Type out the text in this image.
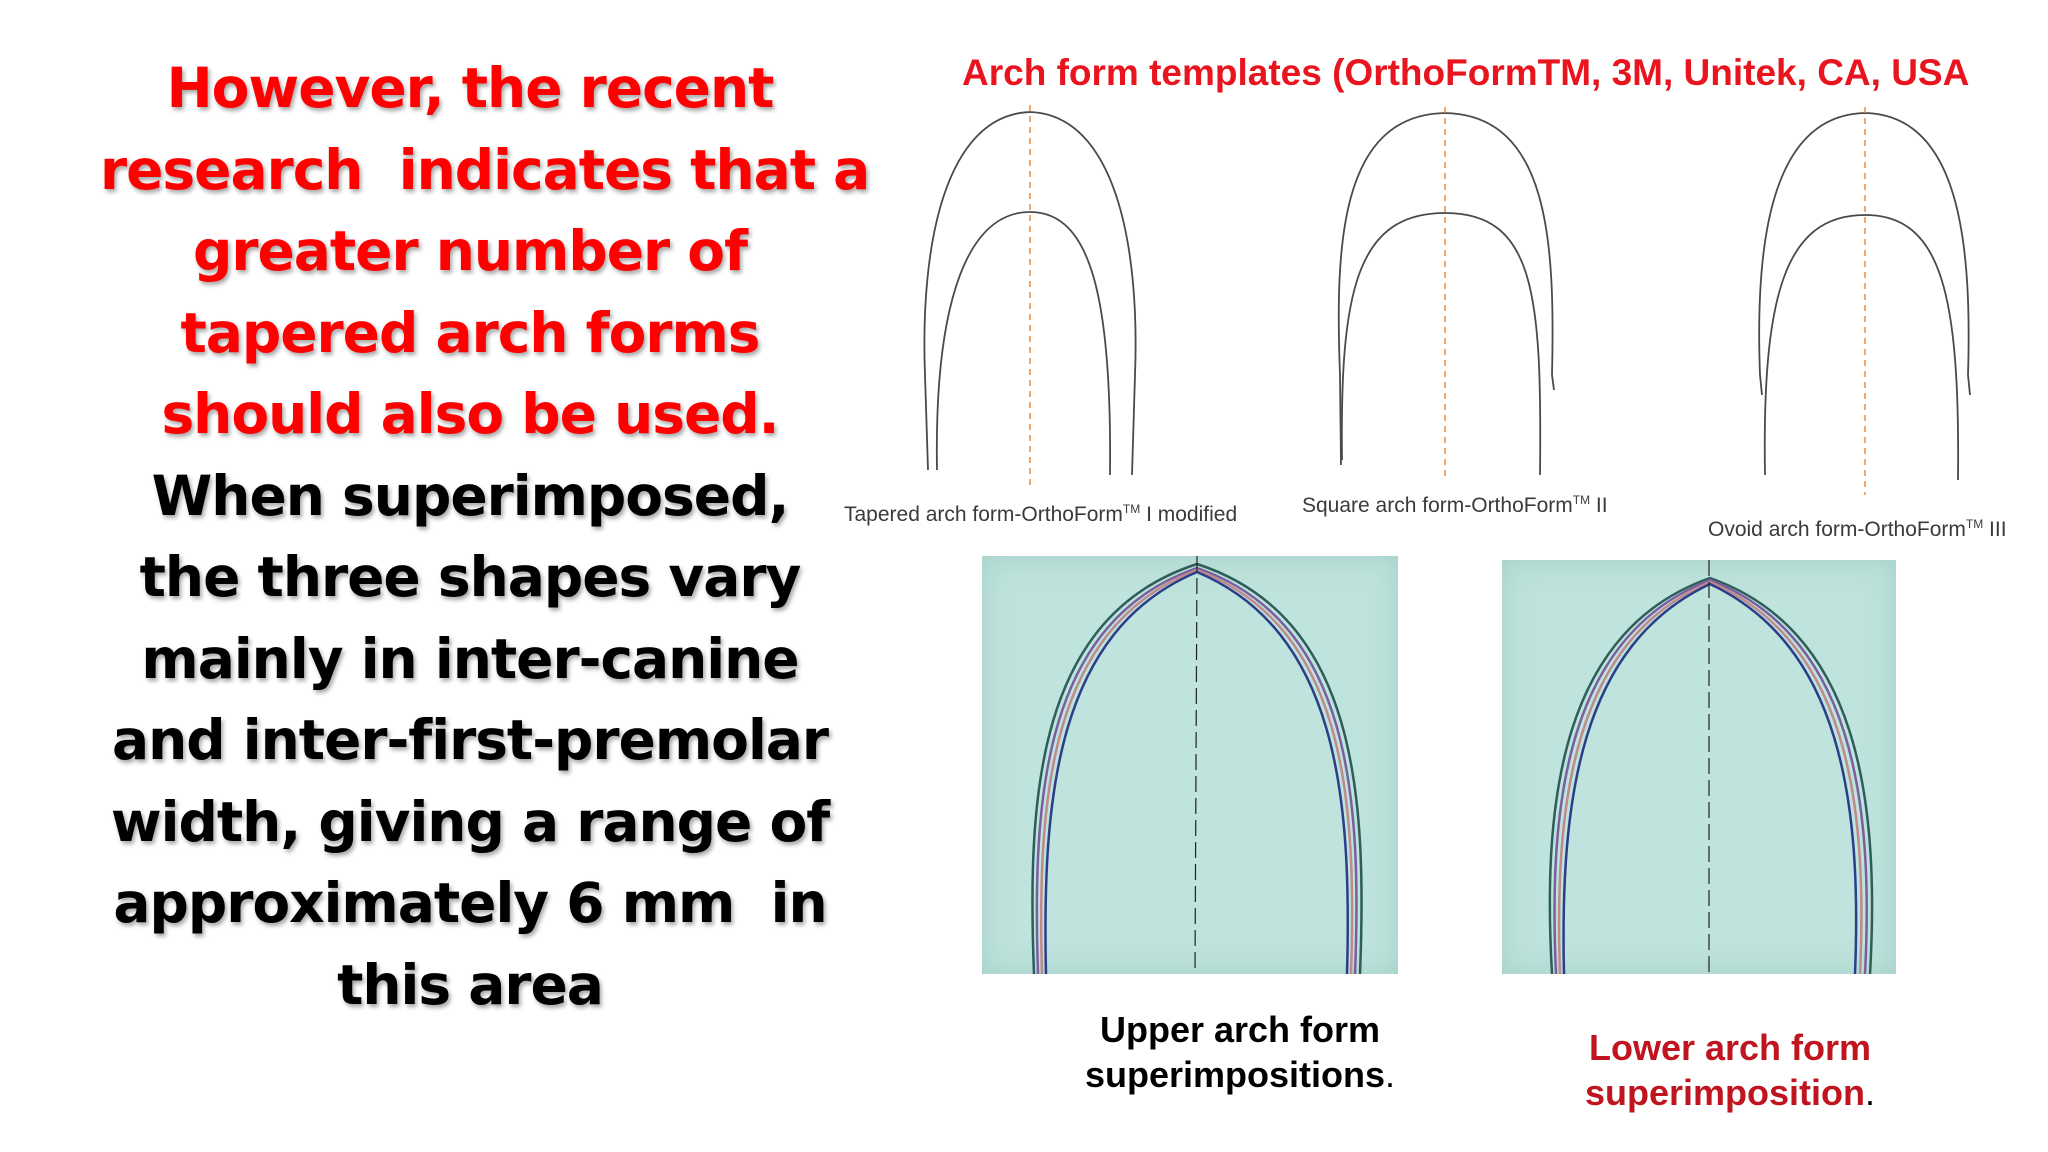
However, the recent
research  indicates that a
greater number of
tapered arch forms
should also be used.
When superimposed,
the three shapes vary
mainly in inter-canine
and inter-first-premolar
width, giving a range of
approximately 6 mm  in
this area
Arch form templates (OrthoFormTM, 3M, Unitek, CA, USA
Tapered arch form-OrthoForm™ I modified	Square arch form-OrthoForm™ II
Ovoid arch form-OrthoForm™ III
Upper arch form
superimpositions.
Lower arch form
superimposition.
